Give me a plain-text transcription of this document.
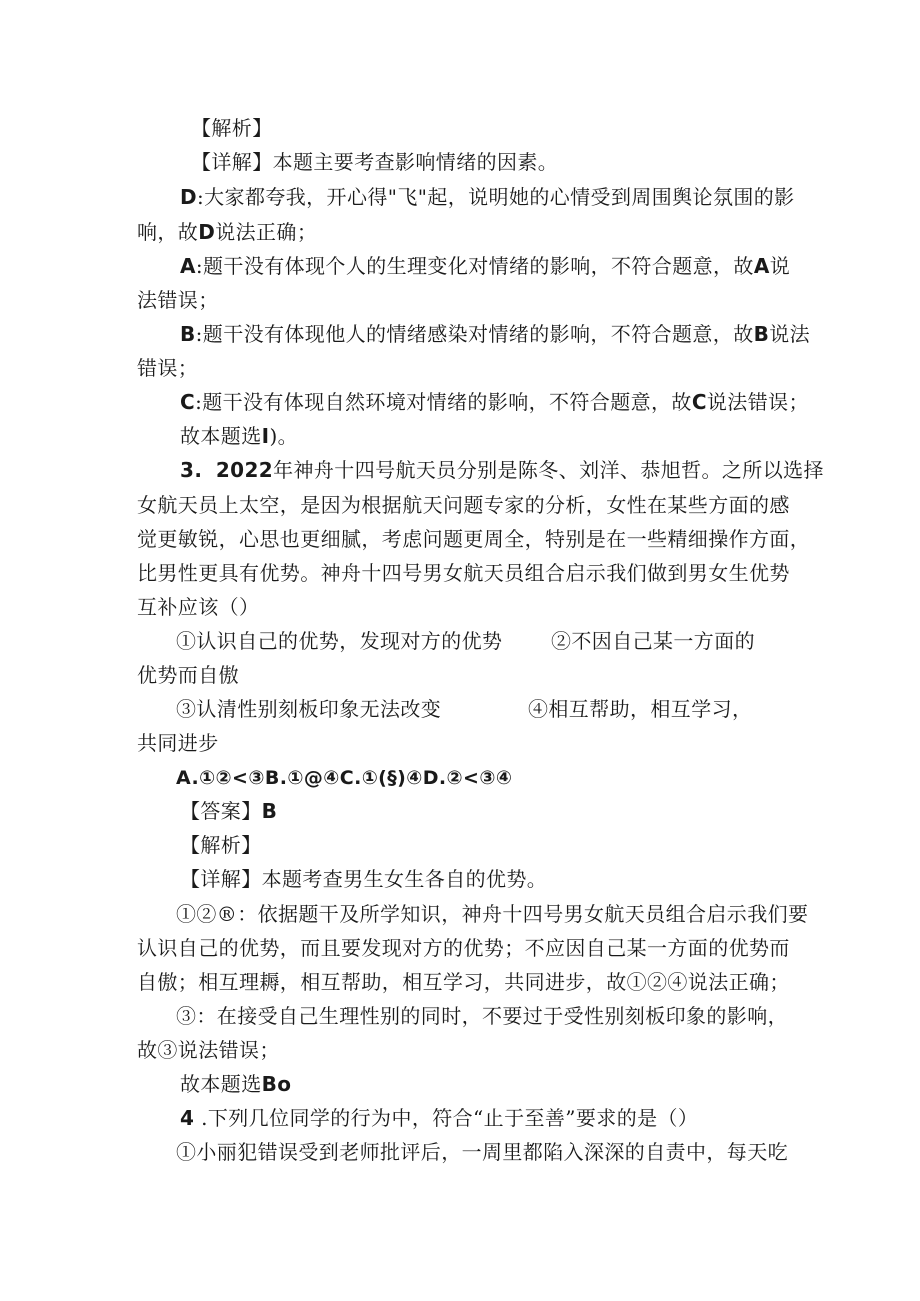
【解析】
【详解】本题主要考查影响情绪的因素。
D:大家都夸我，开心得"飞"起，说明她的心情受到周围舆论氛围的影
响，故D说法正确；
A:题干没有体现个人的生理变化对情绪的影响，不符合题意，故A说
法错误；
B:题干没有体现他人的情绪感染对情绪的影响，不符合题意，故B说法
错误；
C:题干没有体现自然环境对情绪的影响，不符合题意，故C说法错误；
故本题选I)。
3. 2022年神舟十四号航天员分别是陈冬、刘洋、恭旭哲。之所以选择
女航天员上太空，是因为根据航天问题专家的分析，女性在某些方面的感
觉更敏锐，心思也更细腻，考虑问题更周全，特别是在一些精细操作方面，
比男性更具有优势。神舟十四号男女航天员组合启示我们做到男女生优势
互补应该（）
①认识自己的优势，发现对方的优势 ②不因自己某一方面的
优势而自傲
③认清性别刻板印象无法改变	④相互帮助，相互学习，
共同进步
A.①②<③B.①@④C.①(§)④D.②<③④
【答案】B
【解析】
【详解】本题考查男生女生各自的优势。
①②®：依据题干及所学知识，神舟十四号男女航天员组合启示我们要
认识自己的优势，而且要发现对方的优势；不应因自己某一方面的优势而
自傲；相互理耨，相互帮助，相互学习，共同进步，故①②④说法正确；
③：在接受自己生理性别的同时，不要过于受性别刻板印象的影响，
故③说法错误；
故本题选Bo
4 .下列几位同学的行为中，符合“止于至善”要求的是（）
①小丽犯错误受到老师批评后，一周里都陷入深深的自责中，每天吃
